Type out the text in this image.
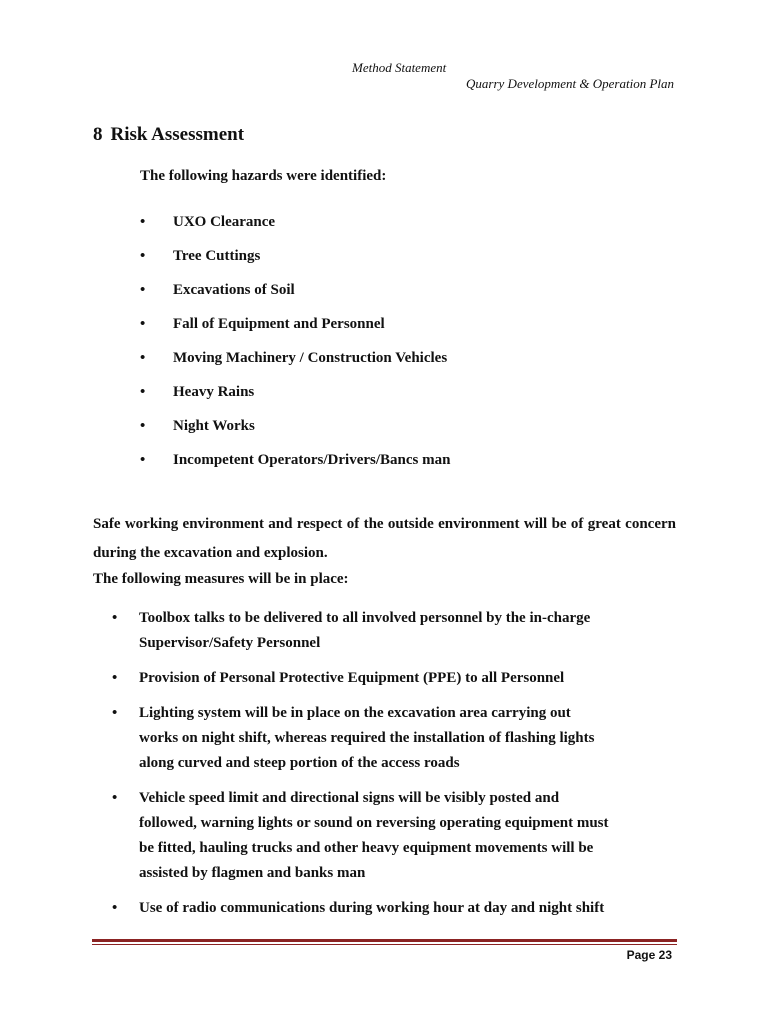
Method Statement
Quarry Development & Operation Plan
8 Risk Assessment
The following hazards were identified:
• UXO Clearance
• Tree Cuttings
• Excavations of Soil
• Fall of Equipment and Personnel
• Moving Machinery / Construction Vehicles
• Heavy Rains
• Night Works
• Incompetent Operators/Drivers/Bancs man
Safe working environment and respect of the outside environment will be of great concern during the excavation and explosion.
The following measures will be in place:
• Toolbox talks to be delivered to all involved personnel by the in-charge
Supervisor/Safety Personnel
• Provision of Personal Protective Equipment (PPE) to all Personnel
• Lighting system will be in place on the excavation area carrying out
works on night shift, whereas required the installation of flashing lights
along curved and steep portion of the access roads
• Vehicle speed limit and directional signs will be visibly posted and
followed, warning lights or sound on reversing operating equipment must
be fitted, hauling trucks and other heavy equipment movements will be
assisted by flagmen and banks man
• Use of radio communications during working hour at day and night shift
Page 23
